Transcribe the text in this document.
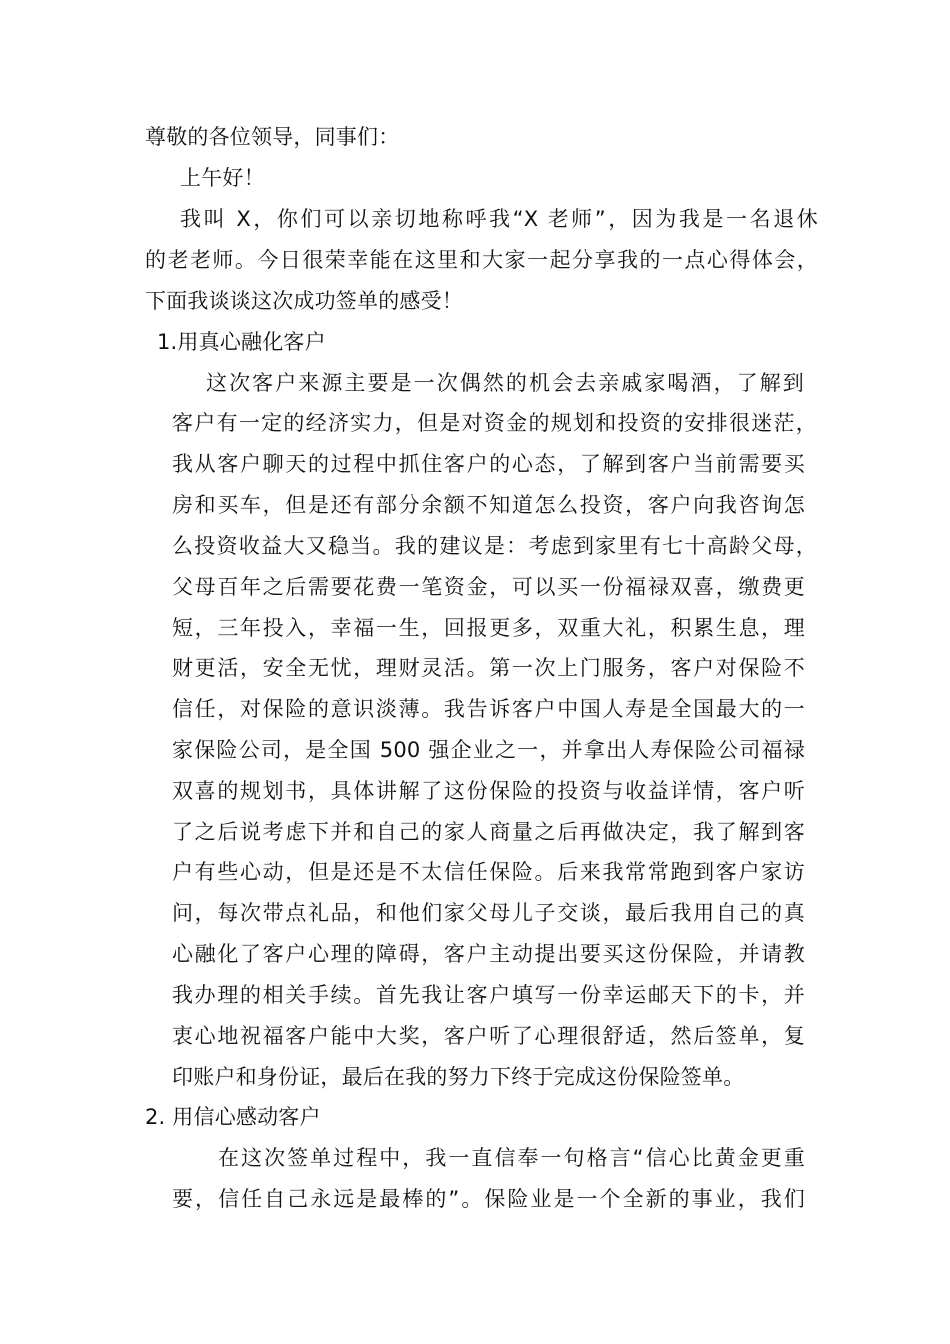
尊敬的各位领导，同事们：

上午好！

我叫 X，你们可以亲切地称呼我“X 老师”，因为我是一名退休

的老老师。今日很荣幸能在这里和大家一起分享我的一点心得体会，

下面我谈谈这次成功签单的感受！

1.用真心融化客户

这次客户来源主要是一次偶然的机会去亲戚家喝酒，了解到

客户有一定的经济实力，但是对资金的规划和投资的安排很迷茫，

我从客户聊天的过程中抓住客户的心态，了解到客户当前需要买

房和买车，但是还有部分余额不知道怎么投资，客户向我咨询怎

么投资收益大又稳当。我的建议是：考虑到家里有七十高龄父母，

父母百年之后需要花费一笔资金，可以买一份福禄双喜，缴费更

短，三年投入，幸福一生，回报更多，双重大礼，积累生息，理

财更活，安全无忧，理财灵活。第一次上门服务，客户对保险不

信任，对保险的意识淡薄。我告诉客户中国人寿是全国最大的一

家保险公司，是全国 500 强企业之一，并拿出人寿保险公司福禄

双喜的规划书，具体讲解了这份保险的投资与收益详情，客户听

了之后说考虑下并和自己的家人商量之后再做决定，我了解到客

户有些心动，但是还是不太信任保险。后来我常常跑到客户家访

问，每次带点礼品，和他们家父母儿子交谈，最后我用自己的真

心融化了客户心理的障碍，客户主动提出要买这份保险，并请教

我办理的相关手续。首先我让客户填写一份幸运邮天下的卡，并

衷心地祝福客户能中大奖，客户听了心理很舒适，然后签单，复

印账户和身份证，最后在我的努力下终于完成这份保险签单。

2. 用信心感动客户

在这次签单过程中，我一直信奉一句格言“信心比黄金更重

要，信任自己永远是最棒的”。保险业是一个全新的事业，我们
